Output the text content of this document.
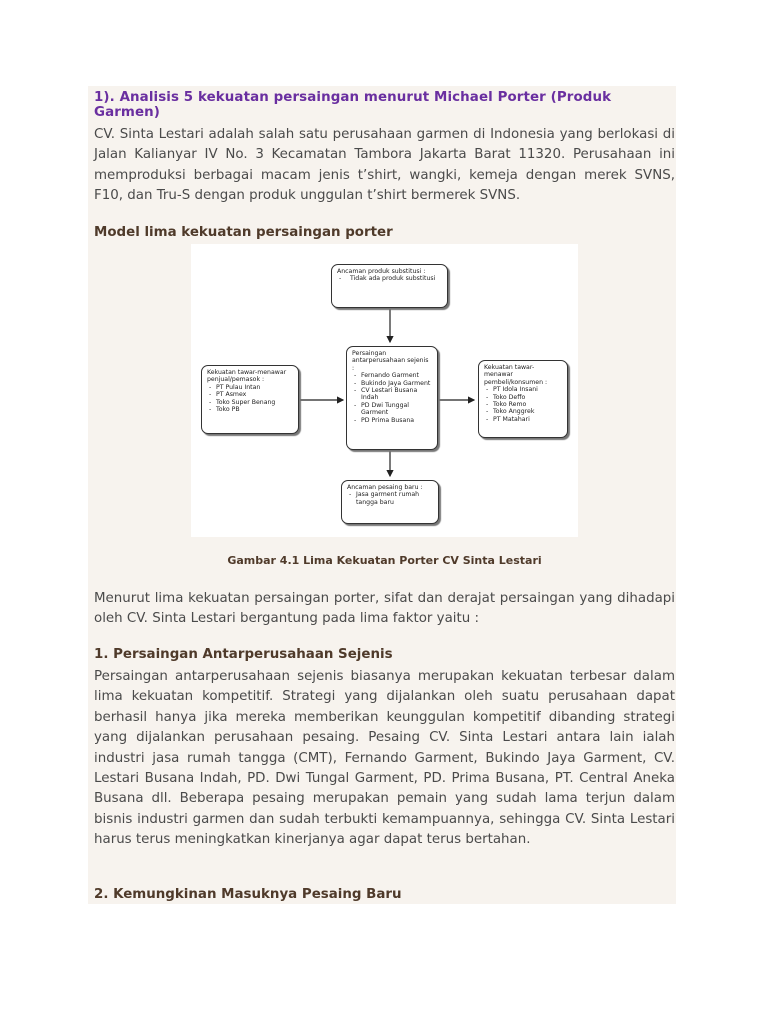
1). Analisis 5 kekuatan persaingan menurut Michael Porter (Produk Garmen)
CV. Sinta Lestari adalah salah satu perusahaan garmen di Indonesia yang berlokasi di Jalan Kalianyar IV No. 3 Kecamatan Tambora Jakarta Barat 11320. Perusahaan ini memproduksi berbagai macam jenis t’shirt, wangki, kemeja dengan merek SVNS, F10, dan Tru-S dengan produk unggulan t’shirt bermerek SVNS.
Model lima kekuatan persaingan porter
Ancaman produk substitusi :
- Tidak ada produk substitusi
Persaingan antarperusahaan sejenis :
- Fernando Garment
- Bukindo Jaya Garment
- CV Lestari Busana Indah
- PD Dwi Tunggal Garment
- PD Prima Busana
Kekuatan tawar-menawar penjual/pemasok :
- PT Pulau Intan
- PT Asmex
- Toko Super Benang
- Toko PB
Kekuatan tawar-menawar pembeli/konsumen :
- PT Idola Insani
- Toko Deffo
- Toko Remo
- Toko Anggrek
- PT Matahari
Ancaman pesaing baru :
- Jasa garment rumah tangga baru
Gambar 4.1 Lima Kekuatan Porter CV Sinta Lestari
Menurut lima kekuatan persaingan porter, sifat dan derajat persaingan yang dihadapi oleh CV. Sinta Lestari bergantung pada lima faktor yaitu :
1. Persaingan Antarperusahaan Sejenis
Persaingan antarperusahaan sejenis biasanya merupakan kekuatan terbesar dalam lima kekuatan kompetitif. Strategi yang dijalankan oleh suatu perusahaan dapat berhasil hanya jika mereka memberikan keunggulan kompetitif dibanding strategi yang dijalankan perusahaan pesaing. Pesaing CV. Sinta Lestari antara lain ialah industri jasa rumah tangga (CMT), Fernando Garment, Bukindo Jaya Garment, CV. Lestari Busana Indah, PD. Dwi Tungal Garment, PD. Prima Busana, PT. Central Aneka Busana dll. Beberapa pesaing merupakan pemain yang sudah lama terjun dalam bisnis industri garmen dan sudah terbukti kemampuannya, sehingga CV. Sinta Lestari harus terus meningkatkan kinerjanya agar dapat terus bertahan.
2. Kemungkinan Masuknya Pesaing Baru
